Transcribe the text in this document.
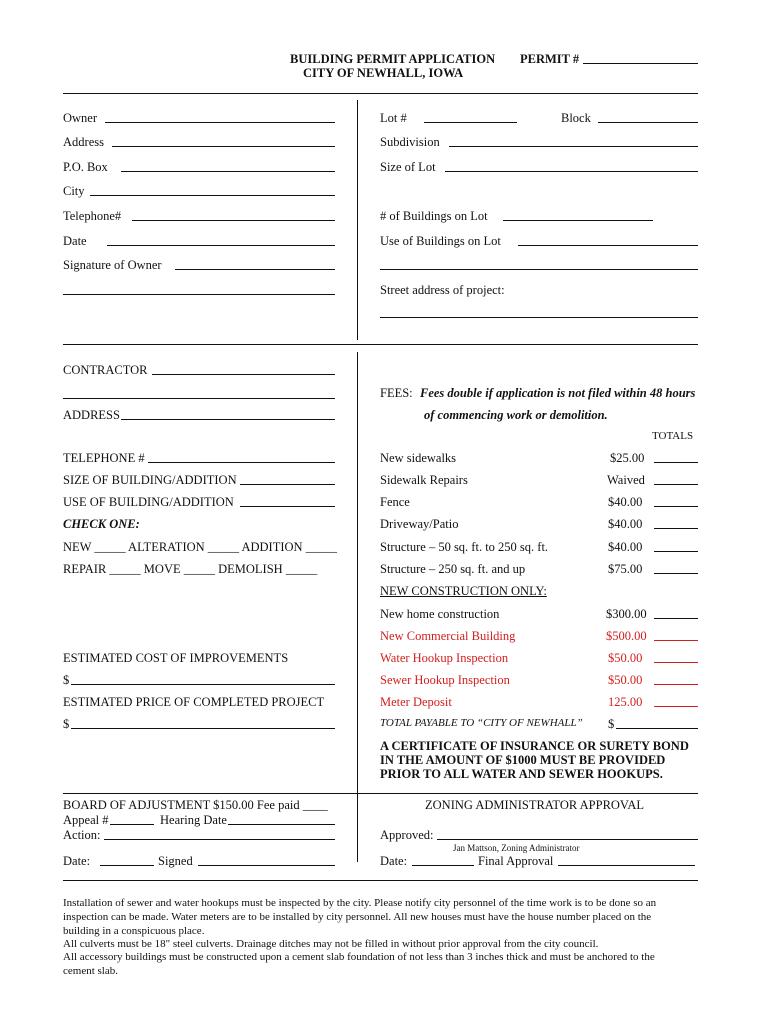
BUILDING PERMIT APPLICATION
CITY OF NEWHALL, IOWA
PERMIT #
Owner
Address
P.O. Box
City
Telephone#
Date
Signature of Owner
Lot #	Block
Subdivision
Size of Lot
# of Buildings on Lot
Use of Buildings on Lot
Street address of project:
CONTRACTOR
ADDRESS
TELEPHONE #
SIZE OF BUILDING/ADDITION
USE OF BUILDING/ADDITION
CHECK ONE:
NEW _____ ALTERATION _____ ADDITION _____
REPAIR _____ MOVE _____ DEMOLISH _____
ESTIMATED COST OF IMPROVEMENTS
$
ESTIMATED PRICE OF COMPLETED PROJECT
$
FEES: Fees double if application is not filed within 48 hours
of commencing work or demolition.
TOTALS
New sidewalks	$25.00
Sidewalk Repairs	Waived
Fence	$40.00
Driveway/Patio	$40.00
Structure – 50 sq. ft. to 250 sq. ft.	$40.00
Structure – 250 sq. ft. and up	$75.00
NEW CONSTRUCTION ONLY:
New home construction	$300.00
New Commercial Building	$500.00
Water Hookup Inspection	$50.00
Sewer Hookup Inspection	$50.00
Meter Deposit	125.00
TOTAL PAYABLE TO “CITY OF NEWHALL” $
A CERTIFICATE OF INSURANCE OR SURETY BOND
IN THE AMOUNT OF $1000 MUST BE PROVIDED
PRIOR TO ALL WATER AND SEWER HOOKUPS.
BOARD OF ADJUSTMENT $150.00 Fee paid ____
Appeal #	Hearing Date
Action:
Date:	Signed
ZONING ADMINISTRATOR APPROVAL
Approved:
Jan Mattson, Zoning Administrator
Date:	Final Approval
Installation of sewer and water hookups must be inspected by the city. Please notify city personnel of the time work is to be done so an inspection can be made. Water meters are to be installed by city personnel. All new houses must have the house number placed on the building in a conspicuous place.
All culverts must be 18" steel culverts. Drainage ditches may not be filled in without prior approval from the city council.
All accessory buildings must be constructed upon a cement slab foundation of not less than 3 inches thick and must be anchored to the cement slab.
